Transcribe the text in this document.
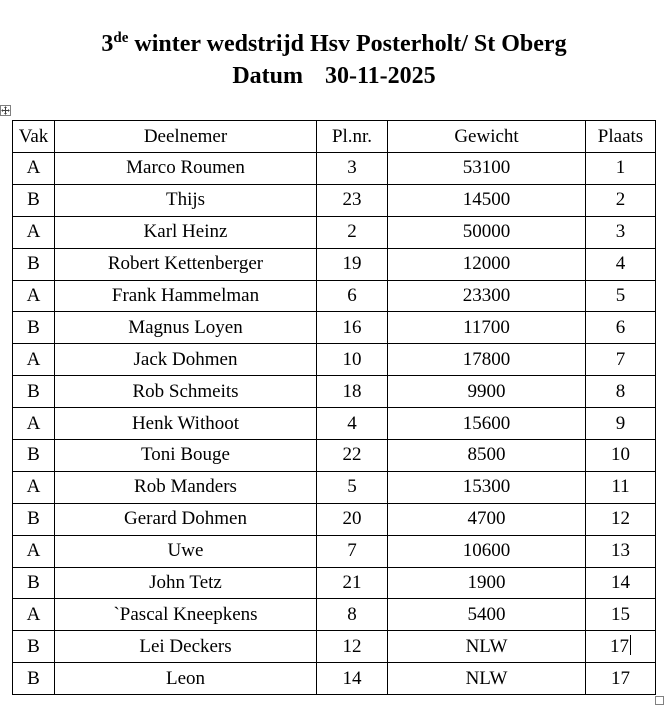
3de winter wedstrijd Hsv Posterholt/ St Oberg
Datum 30-11-2025
Vak	Deelnemer	Pl.nr.	Gewicht	Plaats
A	Marco Roumen	3	53100	1
B	Thijs	23	14500	2
A	Karl Heinz	2	50000	3
B	Robert Kettenberger	19	12000	4
A	Frank Hammelman	6	23300	5
B	Magnus Loyen	16	11700	6
A	Jack Dohmen	10	17800	7
B	Rob Schmeits	18	9900	8
A	Henk Withoot	4	15600	9
B	Toni Bouge	22	8500	10
A	Rob Manders	5	15300	11
B	Gerard Dohmen	20	4700	12
A	Uwe	7	10600	13
B	John Tetz	21	1900	14
A	`Pascal Kneepkens	8	5400	15
B	Lei Deckers	12	NLW	17
B	Leon	14	NLW	17
